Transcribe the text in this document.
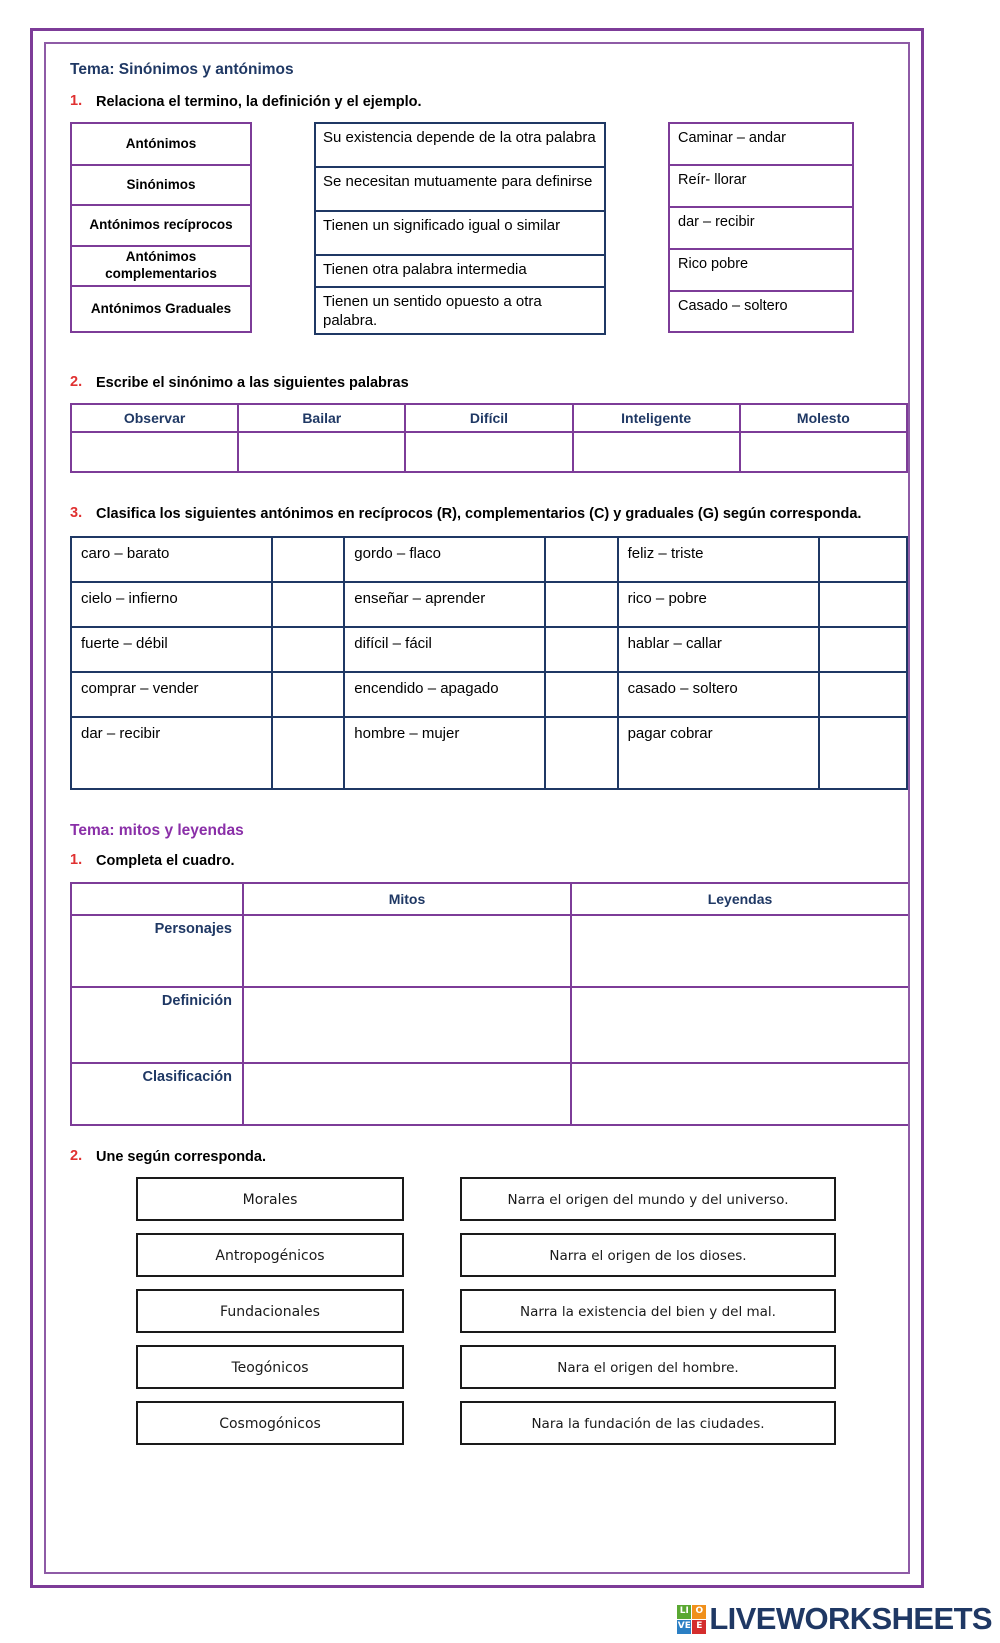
Tema: Sinónimos y antónimos
1. Relaciona el termino, la definición y el ejemplo.
Antónimos
Sinónimos
Antónimos recíprocos
Antónimos complementarios
Antónimos Graduales
Su existencia depende de la otra palabra
Se necesitan mutuamente para definirse
Tienen un significado igual o similar
Tienen otra palabra intermedia
Tienen un sentido opuesto a otra palabra.
Caminar – andar
Reír- llorar
dar – recibir
Rico pobre
Casado – soltero
2. Escribe el sinónimo a las siguientes palabras
Observar	Bailar	Difícil	Inteligente	Molesto

3. Clasifica los siguientes antónimos en recíprocos (R), complementarios (C) y graduales (G) según corresponda.
caro – barato		gordo – flaco		feliz – triste	
cielo – infierno		enseñar – aprender		rico – pobre	
fuerte – débil		difícil – fácil		hablar – callar	
comprar – vender		encendido – apagado		casado – soltero	
dar – recibir		hombre – mujer		pagar cobrar	
Tema: mitos y leyendas
1. Completa el cuadro.
	Mitos	Leyendas
Personajes		
Definición		
Clasificación		
2. Une según corresponda.
Morales
Antropogénicos
Fundacionales
Teogónicos
Cosmogónicos
Narra el origen del mundo y del universo.
Narra el origen de los dioses.
Narra la existencia del bien y del mal.
Nara el origen del hombre.
Nara la fundación de las ciudades.
LI O
VE E LIVEWORKSHEETS
